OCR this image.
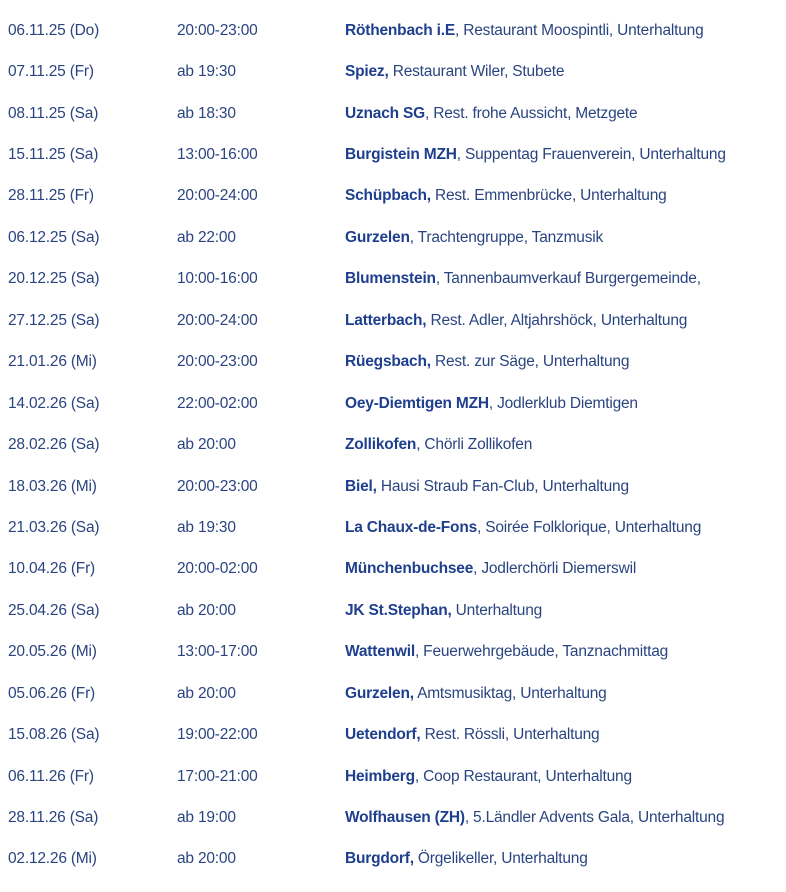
06.11.25 (Do)	20:00-23:00	Röthenbach i.E, Restaurant Moospintli, Unterhaltung
07.11.25 (Fr)	ab 19:30	Spiez, Restaurant Wiler, Stubete
08.11.25 (Sa)	ab 18:30	Uznach SG, Rest. frohe Aussicht, Metzgete
15.11.25 (Sa)	13:00-16:00	Burgistein MZH, Suppentag Frauenverein, Unterhaltung
28.11.25 (Fr)	20:00-24:00	Schüpbach, Rest. Emmenbrücke, Unterhaltung
06.12.25 (Sa)	ab 22:00	Gurzelen, Trachtengruppe, Tanzmusik
20.12.25 (Sa)	10:00-16:00	Blumenstein, Tannenbaumverkauf Burgergemeinde,
27.12.25 (Sa)	20:00-24:00	Latterbach, Rest. Adler, Altjahrshöck, Unterhaltung
21.01.26 (Mi)	20:00-23:00	Rüegsbach, Rest. zur Säge, Unterhaltung
14.02.26 (Sa)	22:00-02:00	Oey-Diemtigen MZH, Jodlerklub Diemtigen
28.02.26 (Sa)	ab 20:00	Zollikofen, Chörli Zollikofen
18.03.26 (Mi)	20:00-23:00	Biel, Hausi Straub Fan-Club, Unterhaltung
21.03.26 (Sa)	ab 19:30	La Chaux-de-Fons, Soirée Folklorique, Unterhaltung
10.04.26 (Fr)	20:00-02:00	Münchenbuchsee, Jodlerchörli Diemerswil
25.04.26 (Sa)	ab 20:00	JK St.Stephan, Unterhaltung
20.05.26 (Mi)	13:00-17:00	Wattenwil, Feuerwehrgebäude, Tanznachmittag
05.06.26 (Fr)	ab 20:00	Gurzelen, Amtsmusiktag, Unterhaltung
15.08.26 (Sa)	19:00-22:00	Uetendorf, Rest. Rössli, Unterhaltung
06.11.26 (Fr)	17:00-21:00	Heimberg, Coop Restaurant, Unterhaltung
28.11.26 (Sa)	ab 19:00	Wolfhausen (ZH), 5.Ländler Advents Gala, Unterhaltung
02.12.26 (Mi)	ab 20:00	Burgdorf, Örgelikeller, Unterhaltung
